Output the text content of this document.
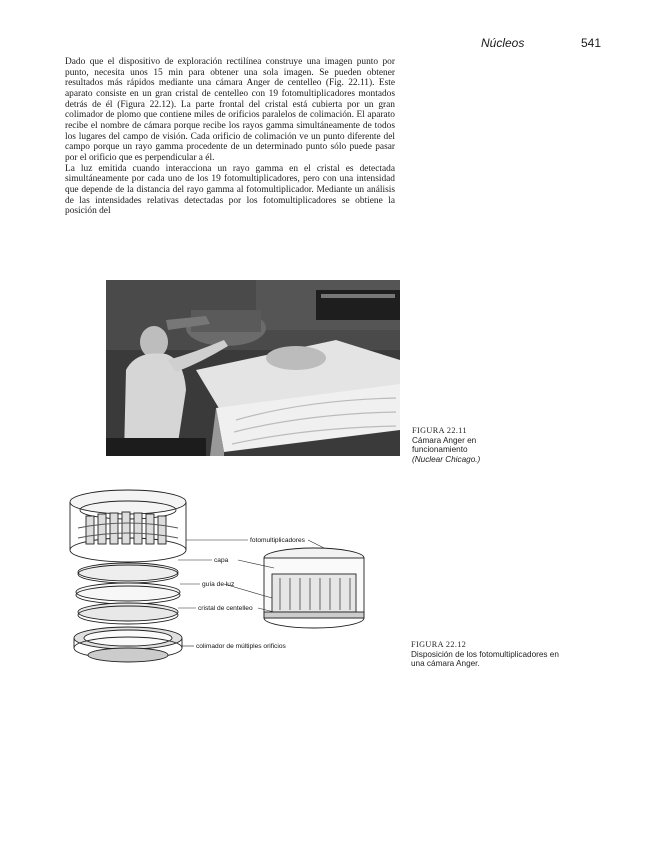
Núcleos	541

Dado que el dispositivo de exploración rectilínea construye una imagen punto por punto, necesita unos 15 min para obtener una sola imagen. Se pueden obtener resultados más rápidos mediante una cámara Anger de centelleo (Fig. 22.11). Este aparato consiste en un gran cristal de centelleo con 19 fotomultiplicadores montados detrás de él (Figura 22.12). La parte frontal del cristal está cubierta por un gran colimador de plomo que contiene miles de orificios paralelos de colimación. El aparato recibe el nombre de cámara porque recibe los rayos gamma simultáneamente de todos los lugares del campo de visión. Cada orificio de colimación ve un punto diferente del campo porque un rayo gamma procedente de un determinado punto sólo puede pasar por el orificio que es perpendicular a él.

La luz emitida cuando interacciona un rayo gamma en el cristal es detectada simultáneamente por cada uno de los 19 fotomultiplicadores, pero con una intensidad que depende de la distancia del rayo gamma al fotomultiplicador. Mediante un análisis de las intensidades relativas detectadas por los fotomultiplicadores se obtiene la posición del

FIGURA 22.11
Cámara Anger en funcionamiento
(Nuclear Chicago.)
fotomultiplicadores
capa
guía de luz
cristal de centelleo
colimador de múltiples orificios	FIGURA 22.12
Disposición de los fotomultiplicadores en una cámara Anger.
